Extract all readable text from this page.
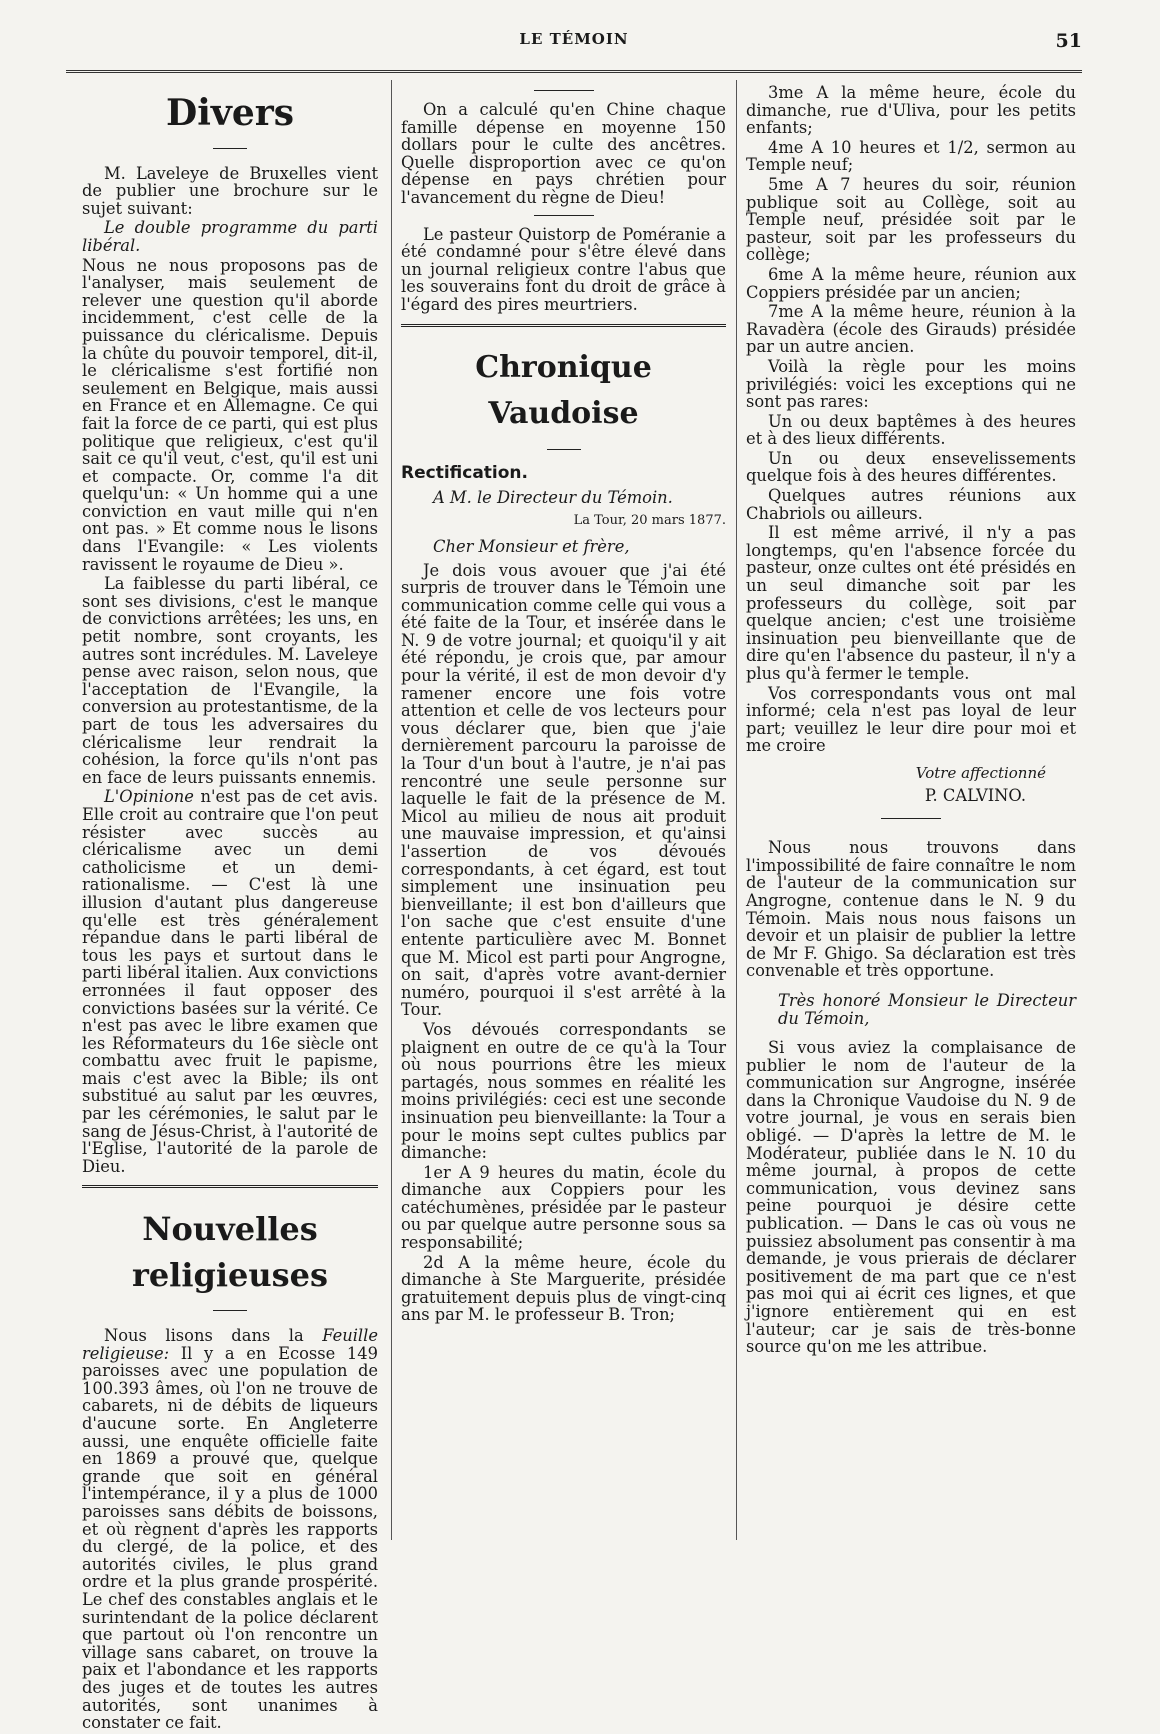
LE TÉMOIN	51
Divers

M. Laveleye de Bruxelles vient de publier une brochure sur le sujet suivant:

Le double programme du parti libéral.

Nous ne nous proposons pas de l'analyser, mais seulement de relever une question qu'il aborde incidemment, c'est celle de la puissance du cléricalisme. Depuis la chûte du pouvoir temporel, dit-il, le cléricalisme s'est fortifié non seulement en Belgique, mais aussi en France et en Allemagne. Ce qui fait la force de ce parti, qui est plus politique que religieux, c'est qu'il sait ce qu'il veut, c'est, qu'il est uni et compacte. Or, comme l'a dit quelqu'un: « Un homme qui a une conviction en vaut mille qui n'en ont pas. » Et comme nous le lisons dans l'Evangile: « Les violents ravissent le royaume de Dieu ».

La faiblesse du parti libéral, ce sont ses divisions, c'est le manque de convictions arrêtées; les uns, en petit nombre, sont croyants, les autres sont incrédules. M. Laveleye pense avec raison, selon nous, que l'acceptation de l'Evangile, la conversion au protestantisme, de la part de tous les adversaires du cléricalisme leur rendrait la cohésion, la force qu'ils n'ont pas en face de leurs puissants ennemis.

L'Opinione n'est pas de cet avis. Elle croit au contraire que l'on peut résister avec succès au cléricalisme avec un demi catholicisme et un demi-rationalisme. — C'est là une illusion d'autant plus dangereuse qu'elle est très généralement répandue dans le parti libéral de tous les pays et surtout dans le parti libéral italien. Aux convictions erronnées il faut opposer des convictions basées sur la vérité. Ce n'est pas avec le libre examen que les Réformateurs du 16e siècle ont combattu avec fruit le papisme, mais c'est avec la Bible; ils ont substitué au salut par les œuvres, par les cérémonies, le salut par le sang de Jésus-Christ, à l'autorité de l'Eglise, l'autorité de la parole de Dieu.

Nouvelles religieuses

Nous lisons dans la Feuille religieuse: Il y a en Ecosse 149 paroisses avec une population de 100.393 âmes, où l'on ne trouve de cabarets, ni de débits de liqueurs d'aucune sorte. En Angleterre aussi, une enquête officielle faite en 1869 a prouvé que, quelque grande que soit en général l'intempérance, il y a plus de 1000 paroisses sans débits de boissons, et où règnent d'après les rapports du clergé, de la police, et des autorités civiles, le plus grand ordre et la plus grande prospérité. Le chef des constables anglais et le surintendant de la police déclarent que partout où l'on rencontre un village sans cabaret, on trouve la paix et l'abondance et les rapports des juges et de toutes les autres autorités, sont unanimes à constater ce fait.

On a calculé qu'en Chine chaque famille dépense en moyenne 150 dollars pour le culte des ancêtres. Quelle disproportion avec ce qu'on dépense en pays chrétien pour l'avancement du règne de Dieu!

Le pasteur Quistorp de Poméranie a été condamné pour s'être élevé dans un journal religieux contre l'abus que les souverains font du droit de grâce à l'égard des pires meurtriers.

Chronique Vaudoise
Rectification.
A M. le Directeur du Témoin.
La Tour, 20 mars 1877.
Cher Monsieur et frère,

Je dois vous avouer que j'ai été surpris de trouver dans le Témoin une communication comme celle qui vous a été faite de la Tour, et insérée dans le N. 9 de votre journal; et quoiqu'il y ait été répondu, je crois que, par amour pour la vérité, il est de mon devoir d'y ramener encore une fois votre attention et celle de vos lecteurs pour vous déclarer que, bien que j'aie dernièrement parcouru la paroisse de la Tour d'un bout à l'autre, je n'ai pas rencontré une seule personne sur laquelle le fait de la présence de M. Micol au milieu de nous ait produit une mauvaise impression, et qu'ainsi l'assertion de vos dévoués correspondants, à cet égard, est tout simplement une insinuation peu bienveillante; il est bon d'ailleurs que l'on sache que c'est ensuite d'une entente particulière avec M. Bonnet que M. Micol est parti pour Angrogne, on sait, d'après votre avant-dernier numéro, pourquoi il s'est arrêté à la Tour.

Vos dévoués correspondants se plaignent en outre de ce qu'à la Tour où nous pourrions être les mieux partagés, nous sommes en réalité les moins privilégiés: ceci est une seconde insinuation peu bienveillante: la Tour a pour le moins sept cultes publics par dimanche:

1er A 9 heures du matin, école du dimanche aux Coppiers pour les catéchumènes, présidée par le pasteur ou par quelque autre personne sous sa responsabilité;

2d A la même heure, école du dimanche à Ste Marguerite, présidée gratuitement depuis plus de vingt-cinq ans par M. le professeur B. Tron;

3me A la même heure, école du dimanche, rue d'Uliva, pour les petits enfants;

4me A 10 heures et 1/2, sermon au Temple neuf;

5me A 7 heures du soir, réunion publique soit au Collège, soit au Temple neuf, présidée soit par le pasteur, soit par les professeurs du collège;

6me A la même heure, réunion aux Coppiers présidée par un ancien;

7me A la même heure, réunion à la Ravadèra (école des Girauds) présidée par un autre ancien.

Voilà la règle pour les moins privilégiés: voici les exceptions qui ne sont pas rares:

Un ou deux baptêmes à des heures et à des lieux différents.

Un ou deux ensevelissements quelque fois à des heures différentes.

Quelques autres réunions aux Chabriols ou ailleurs.

Il est même arrivé, il n'y a pas longtemps, qu'en l'absence forcée du pasteur, onze cultes ont été présidés en un seul dimanche soit par les professeurs du collège, soit par quelque ancien; c'est une troisième insinuation peu bienveillante que de dire qu'en l'absence du pasteur, il n'y a plus qu'à fermer le temple.

Vos correspondants vous ont mal informé; cela n'est pas loyal de leur part; veuillez le leur dire pour moi et me croire

Votre affectionné
P. CALVINO.

Nous nous trouvons dans l'impossibilité de faire connaître le nom de l'auteur de la communication sur Angrogne, contenue dans le N. 9 du Témoin. Mais nous nous faisons un devoir et un plaisir de publier la lettre de Mr F. Ghigo. Sa déclaration est très convenable et très opportune.

Très honoré Monsieur le Directeur du Témoin,

Si vous aviez la complaisance de publier le nom de l'auteur de la communication sur Angrogne, insérée dans la Chronique Vaudoise du N. 9 de votre journal, je vous en serais bien obligé. — D'après la lettre de M. le Modérateur, publiée dans le N. 10 du même journal, à propos de cette communication, vous devinez sans peine pourquoi je désire cette publication. — Dans le cas où vous ne puissiez absolument pas consentir à ma demande, je vous prierais de déclarer positivement de ma part que ce n'est pas moi qui ai écrit ces lignes, et que j'ignore entièrement qui en est l'auteur; car je sais de très-bonne source qu'on me les attribue.
